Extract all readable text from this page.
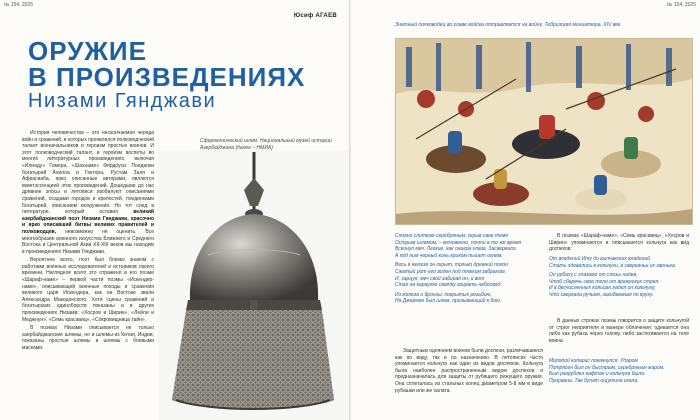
№ 154, 2025
Юсиф АГАЕВ
ОРУЖИЕ
В ПРОИЗВЕДЕНИЯХ
Низами Гянджави

История человечества – это нескончаемая череда войн и сражений, в которых проявлялся полководческий талант военачальников и героизм простых воинов. И этот полководческий талант, и героизм воспеты во многих литературных произведениях, включая «Илиаду» Гомера, «Шахнаме» Фирдоуси. Поединки богатырей Ахилла и Гектора, Рустам Заля и Афрасиаба, ярко описанные авторами, являются квинтэссенцией этих произведений. Дошедшие до нас древние эпосы и летописи изобилуют описаниями сражений, осадами городов и крепостей, поединками богатырей, описанием вооружения. Но тот след в литературе, который оставил	великий азербайджанский поэт Низами Гянджави, красочно и ярко описавший битвы великих правителей и полководцев, невозможно не оценить. Все многообразие военного искусства Ближнего и Среднего Востока и Центральной Азии XII-XIII веков мы находим в произведениях Низами Гянджави.

Вероятнее всего, поэт был близко знаком с работами военных исследователей и историков своего времени. Наглядное всего это отражено в его поэме «Шараф-наме» – первой части поэмы «Искендер-наме», описывающей военные походы и сражения великого царя Искендера, как на Востоке звали Александра Македонского. Хотя сцены сражений и богатырских единоборств показаны и в других произведениях Низами: «Хосров и Ширин», «Лейли и Меджнун», «Семь красавиц», «Сокровищница тайн».

В поэмах Низами описывается не только азербайджанские шлемы, но и шлемы из Китая, Индии, показаны простые шлемы и шлемы с боевыми масками.

Сфероконический шлем. Национальный музей истории Азербайджана (далее – НМИА)
№ 154, 2025
Знатный полководец во главе войска отправляется на войну. Тебризская миниатюра, XIV век

Словно слитком серебряным, скрыв свое темя
Острым шлемом, – мгновенно, почти в то же время
Вскинул меч. Легкие, как онагра глаза, Засверкало.
А под ним черный конь криком пышет огнем.

Весь в железе он скрыт, только древний полон
Сжатый рот его виден под тяжким забралом.
И, гарцуя, меч свой забирая он, и вот
Стал на караулке сватку взирать небосвод.

Из железа и бронзы, покрытых резьбою,
На Джереме был шлем, призывающий к бою.

Защитным одеянием воинов были доспехи, различавшиеся как по виду, так и по назначению. В летописях часто упоминается кольчуга как один из видов доспехов. Кольчуга была наиболее распространенным видом доспехов и предназначалась для защиты от рубящего режущего оружия. Она сплеталась из стальных колец диаметром 5-8 мм в виде рубашки или же халата.

В поэмах «Шараф-наме», «Семь красавиц», «Хосров и Ширин» упоминаются и описываются кольчуга как вид доспехов:

От владений Иту до кыпчакских владений
Стать одевались в кольчуги, в сверканьи их звеньев.

Он рубаху с глазами от слезы надев,
Чтоб сберечь свое тело от вражеских стрел.
И в бесчисленных кольцах надел он кольчугу,
Что сверкала ручьем, загибаемым по кругу.

В данных строках поэмы говорится о защите кольчугой от стрел неприятеля и манере облачения: одевается она либо как рубаха через голову, либо застегивается на теле воина.

Молодой кипарис покачнулся. Ударом
Потрясен был он быстрым, серебряным жаром.
Был разрублен кафтан и кольчуга была
Прорвана. Так булат ощутила скала.
